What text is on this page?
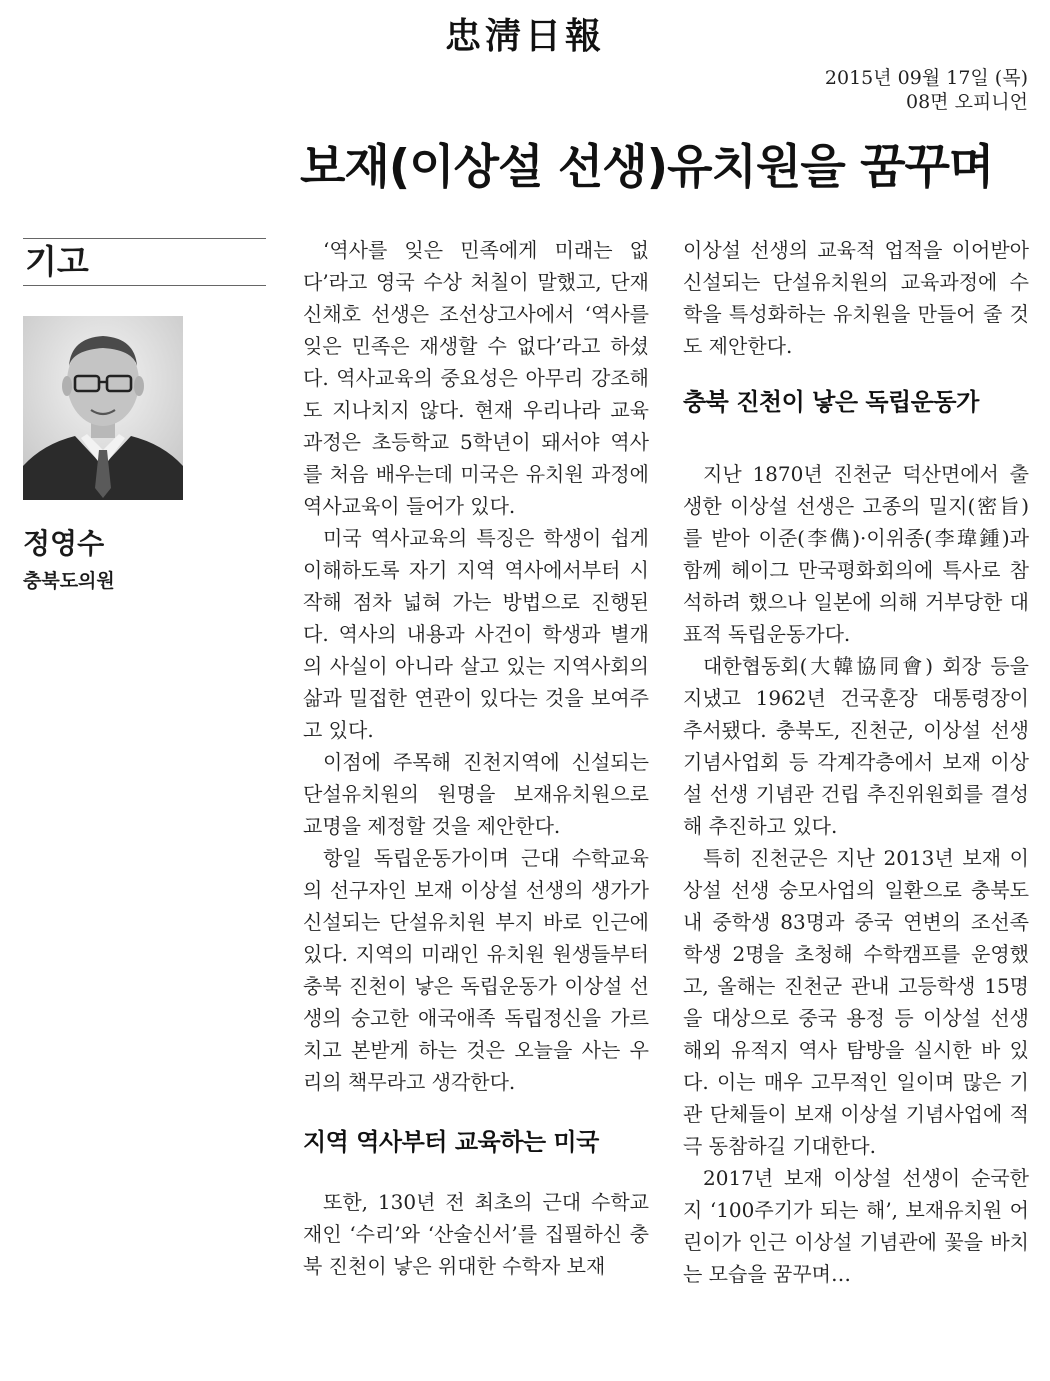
忠淸日報
2015년 09월 17일 (목)
08면 오피니언
보재(이상설 선생)유치원을 꿈꾸며
기고
정영수
충북도의원

‘역사를 잊은 민족에게 미래는 없다’라고 영국 수상 처칠이 말했고, 단재 신채호 선생은 조선상고사에서 ‘역사를 잊은 민족은 재생할 수 없다’라고 하셨다. 역사교육의 중요성은 아무리 강조해도 지나치지 않다. 현재 우리나라 교육과정은 초등학교 5학년이 돼서야 역사를 처음 배우는데 미국은 유치원 과정에 역사교육이 들어가 있다.

미국 역사교육의 특징은 학생이 쉽게 이해하도록 자기 지역 역사에서부터 시작해 점차 넓혀 가는 방법으로 진행된다. 역사의 내용과 사건이 학생과 별개의 사실이 아니라 살고 있는 지역사회의 삶과 밀접한 연관이 있다는 것을 보여주고 있다.

이점에 주목해 진천지역에 신설되는 단설유치원의 원명을 보재유치원으로 교명을 제정할 것을 제안한다.

항일 독립운동가이며 근대 수학교육의 선구자인 보재 이상설 선생의 생가가 신설되는 단설유치원 부지 바로 인근에 있다. 지역의 미래인 유치원 원생들부터 충북 진천이 낳은 독립운동가 이상설 선생의 숭고한 애국애족 독립정신을 가르치고 본받게 하는 것은 오늘을 사는 우리의 책무라고 생각한다.

지역 역사부터 교육하는 미국

또한, 130년 전 최초의 근대 수학교재인 ‘수리’와 ‘산술신서’를 집필하신 충북 진천이 낳은 위대한 수학자 보재

이상설 선생의 교육적 업적을 이어받아 신설되는 단설유치원의 교육과정에 수학을 특성화하는 유치원을 만들어 줄 것도 제안한다.

충북 진천이 낳은 독립운동가

지난 1870년 진천군 덕산면에서 출생한 이상설 선생은 고종의 밀지(密旨)를 받아 이준(李儁)·이위종(李瑋鍾)과 함께 헤이그 만국평화회의에 특사로 참석하려 했으나 일본에 의해 거부당한 대표적 독립운동가다.

대한협동회(大韓協同會) 회장 등을 지냈고 1962년 건국훈장 대통령장이 추서됐다. 충북도, 진천군, 이상설 선생 기념사업회 등 각계각층에서 보재 이상설 선생 기념관 건립 추진위원회를 결성해 추진하고 있다.

특히 진천군은 지난 2013년 보재 이상설 선생 숭모사업의 일환으로 충북도내 중학생 83명과 중국 연변의 조선족 학생 2명을 초청해 수학캠프를 운영했고, 올해는 진천군 관내 고등학생 15명을 대상으로 중국 용정 등 이상설 선생 해외 유적지 역사 탐방을 실시한 바 있다. 이는 매우 고무적인 일이며 많은 기관 단체들이 보재 이상설 기념사업에 적극 동참하길 기대한다.

2017년 보재 이상설 선생이 순국한지 ‘100주기가 되는 해’, 보재유치원 어린이가 인근 이상설 기념관에 꽃을 바치는 모습을 꿈꾸며…
